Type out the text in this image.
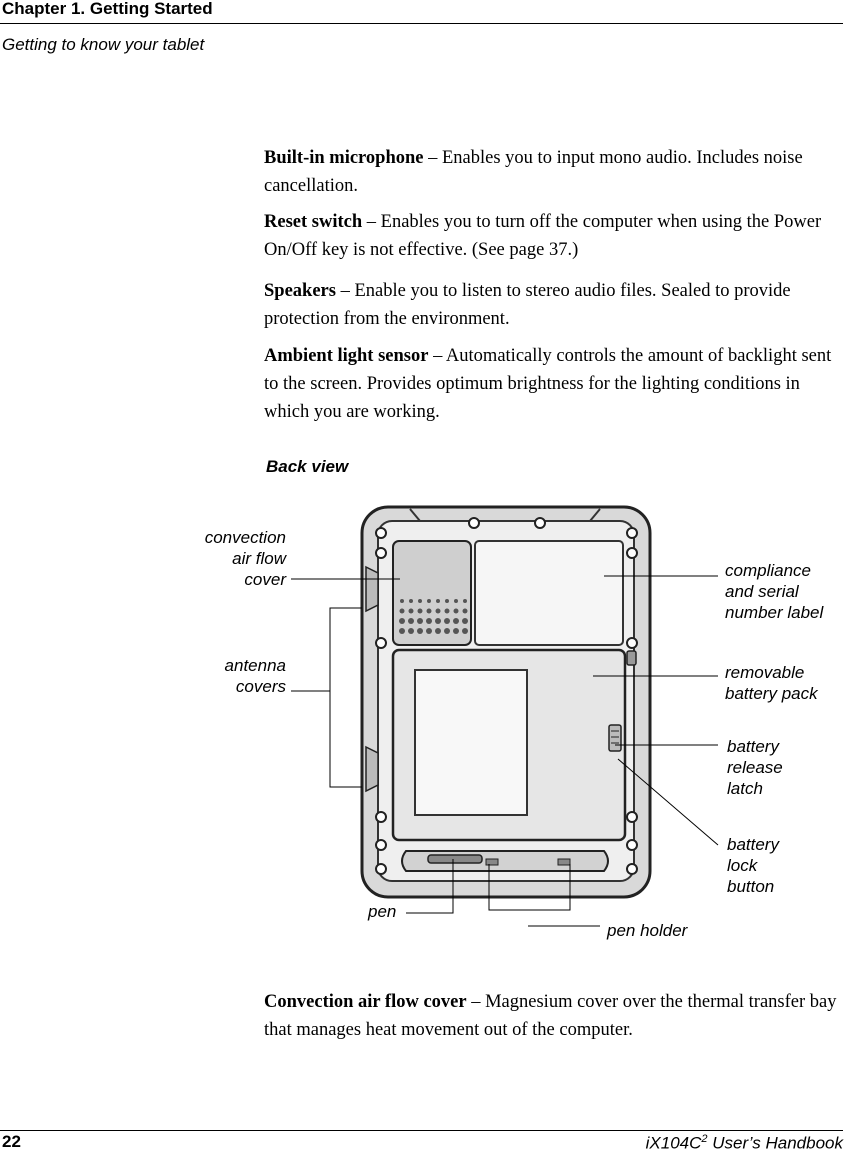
Chapter 1. Getting Started
Getting to know your tablet

Built-in microphone – Enables you to input mono audio. Includes noise cancellation.

Reset switch – Enables you to turn off the computer when using the Power On/Off key is not effective. (See page 37.)

Speakers – Enable you to listen to stereo audio files. Sealed to provide protection from the environment.

Ambient light sensor – Automatically controls the amount of backlight sent to the screen. Provides optimum brightness for the lighting conditions in which you are working.

Back view
convection
air flow
cover
antenna
covers
compliance
and serial
number label
removable
battery pack
battery
release
latch
battery
lock
button
pen
pen holder

Convection air flow cover – Magnesium cover over the thermal transfer bay that manages heat movement out of the computer.

22	$iX104C^2$ User’s Handbook
